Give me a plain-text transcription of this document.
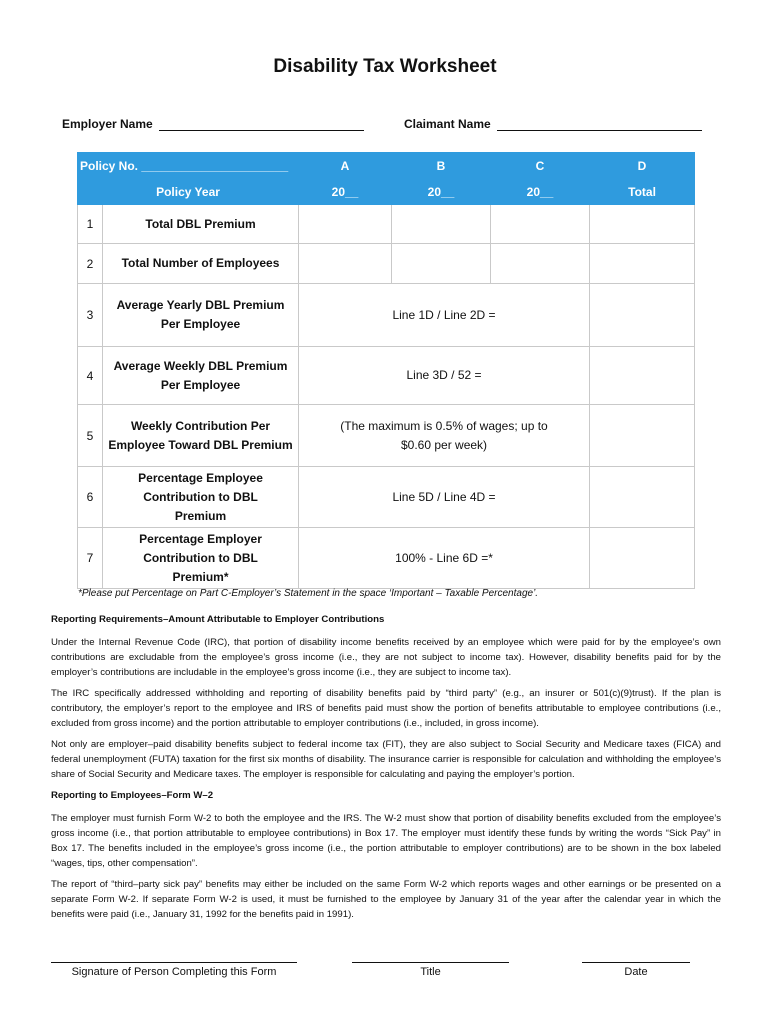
Disability Tax Worksheet
Employer Name	Claimant Name
Policy No. ______________________		A	B	C	D
Policy Year		20__	20__	20__	Total
1	Total DBL Premium				
2	Total Number of Employees				
3	Average Yearly DBL Premium Per Employee	Line 1D / Line 2D =			
4	Average Weekly DBL Premium Per Employee	Line 3D / 52 =			
5	Weekly Contribution Per Employee Toward DBL Premium	(The maximum is 0.5% of wages; up to $0.60 per week)			
6	Percentage Employee Contribution to DBL Premium	Line 5D / Line 4D =			
7	Percentage Employer Contribution to DBL Premium*	100% - Line 6D =*			
*Please put Percentage on Part C-Employer’s Statement in the space ‘Important – Taxable Percentage’.
Reporting Requirements–Amount Attributable to Employer Contributions

Under the Internal Revenue Code (IRC), that portion of disability income benefits received by an employee which were paid for by the employee’s own contributions are excludable from the employee’s gross income (i.e., they are not subject to income tax). However, disability benefits paid for by the employer’s contributions are includable in the employee’s gross income (i.e., they are subject to income tax).

The IRC specifically addressed withholding and reporting of disability benefits paid by “third party” (e.g., an insurer or 501(c)(9)trust). If the plan is contributory, the employer’s report to the employee and IRS of benefits paid must show the portion of benefits attributable to employee contributions (i.e., excluded from gross income) and the portion attributable to employer contributions (i.e., included, in gross income).

Not only are employer–paid disability benefits subject to federal income tax (FIT), they are also subject to Social Security and Medicare taxes (FICA) and federal unemployment (FUTA) taxation for the first six months of disability. The insurance carrier is responsible for calculation and withholding the employee’s share of Social Security and Medicare taxes. The employer is responsible for calculating and paying the employer’s portion.

Reporting to Employees–Form W–2

The employer must furnish Form W-2 to both the employee and the IRS. The W-2 must show that portion of disability benefits excluded from the employee’s gross income (i.e., that portion attributable to employee contributions) in Box 17. The employer must identify these funds by writing the words “Sick Pay” in Box 17. The benefits included in the employee’s gross income (i.e., the portion attributable to employer contributions) are to be shown in the box labeled “wages, tips, other compensation”.

The report of “third–party sick pay” benefits may either be included on the same Form W-2 which reports wages and other earnings or be presented on a separate Form W-2. If separate Form W-2 is used, it must be furnished to the employee by January 31 of the year after the calendar year in which the benefits were paid (i.e., January 31, 1992 for the benefits paid in 1991).

Signature of Person Completing this Form	Title	Date
